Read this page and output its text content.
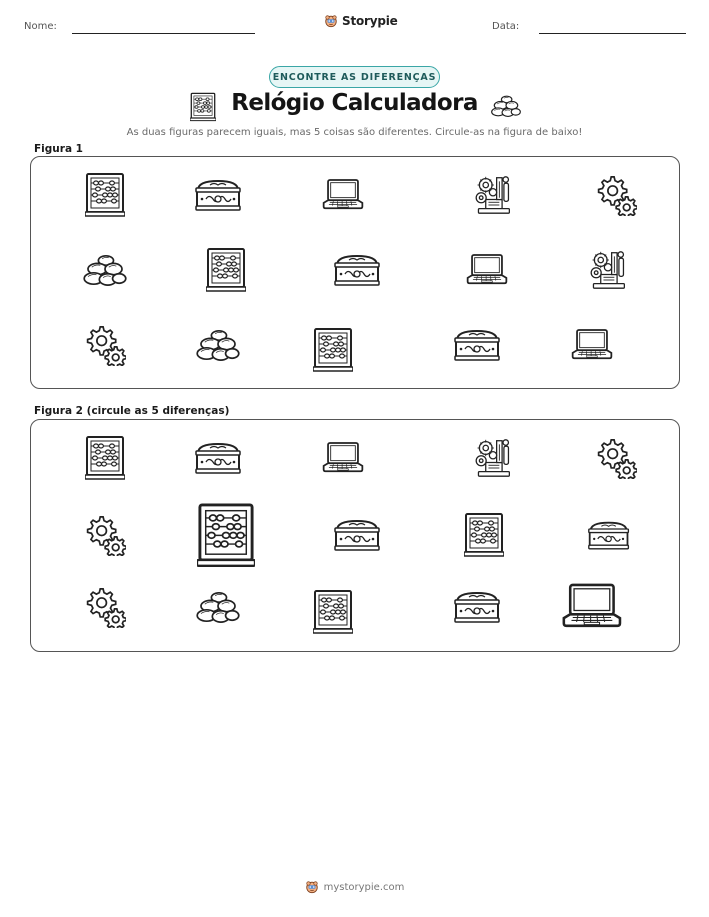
Nome:	Storypie	Data:
ENCONTRE AS DIFERENÇAS
Relógio Calculadora
As duas figuras parecem iguais, mas 5 coisas são diferentes. Circule-as na figura de baixo!
Figura 1
Figura 2 (circule as 5 diferenças)
mystorypie.com
